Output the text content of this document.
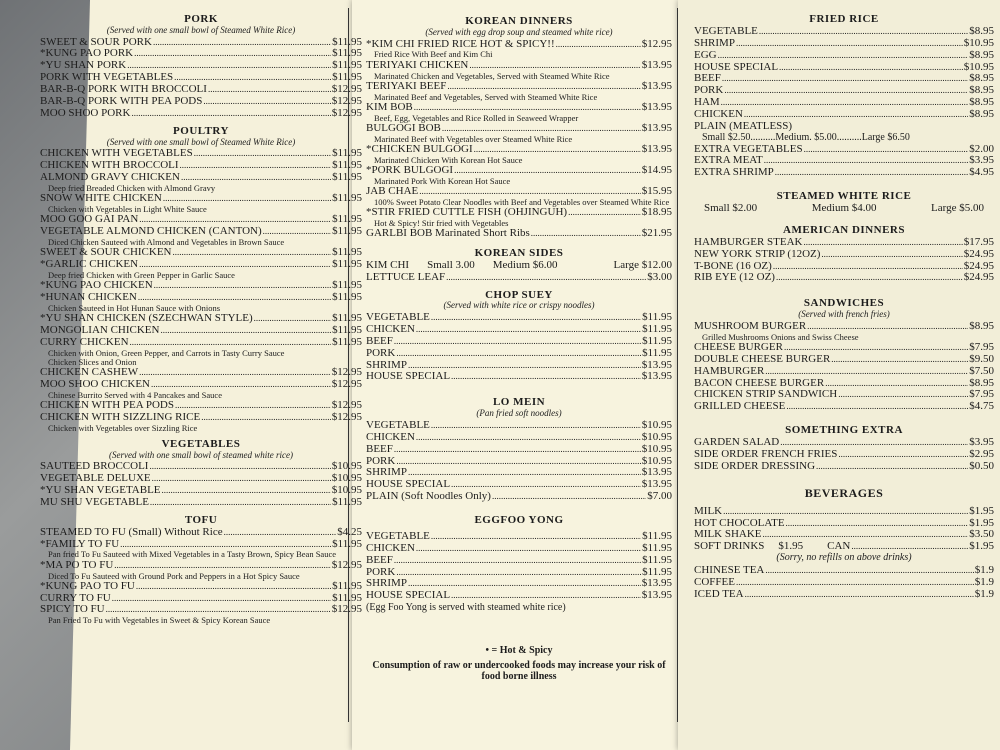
PORK
(Served with one small bowl of Steamed White Rice)
SWEET & SOUR PORK .....	$11.95
*KUNG PAO PORK .....	$11.95
*YU SHAN PORK .....	$11.95
PORK WITH VEGETABLES .....	$11.95
BAR-B-Q PORK WITH BROCCOLI .....	$12.95
BAR-B-Q PORK WITH PEA PODS .....	$12.95
MOO SHOO PORK .....	$12.95
POULTRY
(Served with one small bowl of Steamed White Rice)
CHICKEN WITH VEGETABLES .....	$11.95
CHICKEN WITH BROCCOLI .....	$11.95
ALMOND GRAVY CHICKEN .....	$11.95
Deep fried Breaded Chicken with Almond Gravy
SNOW WHITE CHICKEN .....	$11.95
Chicken with Vegetables in Light White Sauce
MOO GOO GAI PAN .....	$11.95
VEGETABLE ALMOND CHICKEN (CANTON) .....	$11.95
Diced Chicken Sauteed with Almond and Vegetables in Brown Sauce
SWEET & SOUR CHICKEN .....	$11.95
*GARLIC CHICKEN .....	$11.95
Deep fried Chicken with Green Pepper in Garlic Sauce
*KUNG PAO CHICKEN .....	$11.95
*HUNAN CHICKEN .....	$11.95
Chicken Sauteed in Hot Hunan Sauce with Onions
*YU SHAN CHICKEN (SZECHWAN STYLE) .....	$11.95
MONGOLIAN CHICKEN .....	$11.95
CURRY CHICKEN .....	$11.95
Chicken with Onion, Green Pepper, and Carrots in Tasty Curry Sauce
Chicken Slices and Onion
CHICKEN CASHEW .....	$12.95
MOO SHOO CHICKEN .....	$12.95
Chinese Burrito Served with 4 Pancakes and Sauce
CHICKEN WITH PEA PODS .....	$12.95
CHICKEN WITH SIZZLING RICE .....	$12.95
Chicken with Vegetables over Sizzling Rice
VEGETABLES
(Served with one small bowl of steamed white rice)
SAUTEED BROCCOLI .....	$10.95
VEGETABLE DELUXE .....	$10.95
*YU SHAN VEGETABLE .....	$10.95
MU SHU VEGETABLE .....	$11.95
TOFU
STEAMED TO FU (Small) Without Rice .....	$4.25
*FAMILY TO FU .....	$11.95
Pan fried To Fu Sauteed with Mixed Vegetables in a Tasty Brown, Spicy Bean Sauce
*MA PO TO FU .....	$12.95
Diced To Fu Sauteed with Ground Pork and Peppers in a Hot Spicy Sauce
*KUNG PAO TO FU .....	$11.95
CURRY TO FU .....	$11.95
SPICY TO FU .....	$12.95
Pan Fried To Fu with Vegetables in Sweet & Spicy Korean Sauce
KOREAN DINNERS
(Served with egg drop soup and steamed white rice)
*KIM CHI FRIED RICE HOT & SPICY!! .....	$12.95
Fried Rice With Beef and Kim Chi
TERIYAKI CHICKEN .....	$13.95
Marinated Chicken and Vegetables, Served with Steamed White Rice
TERIYAKI BEEF .....	$13.95
Marinated Beef and Vegetables, Served with Steamed White Rice
KIM BOB .....	$13.95
Beef, Egg, Vegetables and Rice Rolled in Seaweed Wrapper
BULGOGI BOB .....	$13.95
Marinated Beef with Vegetables over Steamed White Rice
*CHICKEN BULGOGI .....	$13.95
Marinated Chicken With Korean Hot Sauce
*PORK BULGOGI .....	$14.95
Marinated Pork With Korean Hot Sauce
JAB CHAE .....	$15.95
100% Sweet Potato Clear Noodles with Beef and Vegetables over Steamed White Rice
*STIR FRIED CUTTLE FISH (OHJINGUH) .....	$18.95
Hot & Spicy! Stir fried with Vegetables
GARLBI BOB Marinated Short Ribs .....	$21.95
KOREAN SIDES
KIM CHI Small 3.00 Medium $6.00	Large $12.00
LETTUCE LEAF .....	$3.00
CHOP SUEY
(Served with white rice or crispy noodles)
VEGETABLE .....	$11.95
CHICKEN .....	$11.95
BEEF .....	$11.95
PORK .....	$11.95
SHRIMP .....	$13.95
HOUSE SPECIAL .....	$13.95
LO MEIN
(Pan fried soft noodles)
VEGETABLE .....	$10.95
CHICKEN .....	$10.95
BEEF .....	$10.95
PORK .....	$10.95
SHRIMP .....	$13.95
HOUSE SPECIAL .....	$13.95
PLAIN (Soft Noodles Only) .....	$7.00
EGGFOO YONG
VEGETABLE .....	$11.95
CHICKEN .....	$11.95
BEEF .....	$11.95
PORK .....	$11.95
SHRIMP .....	$13.95
HOUSE SPECIAL .....	$13.95
(Egg Foo Yong is served with steamed white rice)
• = Hot & Spicy
Consumption of raw or undercooked foods may increase your risk of food borne illness
FRIED RICE
VEGETABLE .....	$8.95
SHRIMP .....	$10.95
EGG .....	$8.95
HOUSE SPECIAL .....	$10.95
BEEF .....	$8.95
PORK .....	$8.95
HAM .....	$8.95
CHICKEN .....	$8.95
PLAIN (MEATLESS)
Small $2.50..........Medium. $5.00..........Large $6.50
EXTRA VEGETABLES .....	$2.00
EXTRA MEAT .....	$3.95
EXTRA SHRIMP .....	$4.95
STEAMED WHITE RICE
Small $2.00	Medium $4.00	Large $5.00
AMERICAN DINNERS
HAMBURGER STEAK .....	$17.95
NEW YORK STRIP (12OZ) .....	$24.95
T-BONE (16 OZ) .....	$24.95
RIB EYE (12 OZ) .....	$24.95
SANDWICHES
(Served with french fries)
MUSHROOM BURGER .....	$8.95
Grilled Mushrooms Onions and Swiss Cheese
CHEESE BURGER .....	$7.95
DOUBLE CHEESE BURGER .....	$9.50
HAMBURGER .....	$7.50
BACON CHEESE BURGER .....	$8.95
CHICKEN STRIP SANDWICH .....	$7.95
GRILLED CHEESE .....	$4.75
SOMETHING EXTRA
GARDEN SALAD .....	$3.95
SIDE ORDER FRENCH FRIES .....	$2.95
SIDE ORDER DRESSING .....	$0.50
BEVERAGES
MILK .....	$1.95
HOT CHOCOLATE .....	$1.95
MILK SHAKE .....	$3.50
SOFT DRINKS $1.95 CAN .....	$1.95
(Sorry, no refills on above drinks)
CHINESE TEA .....	$1.9
COFFEE .....	$1.9
ICED TEA .....	$1.9
